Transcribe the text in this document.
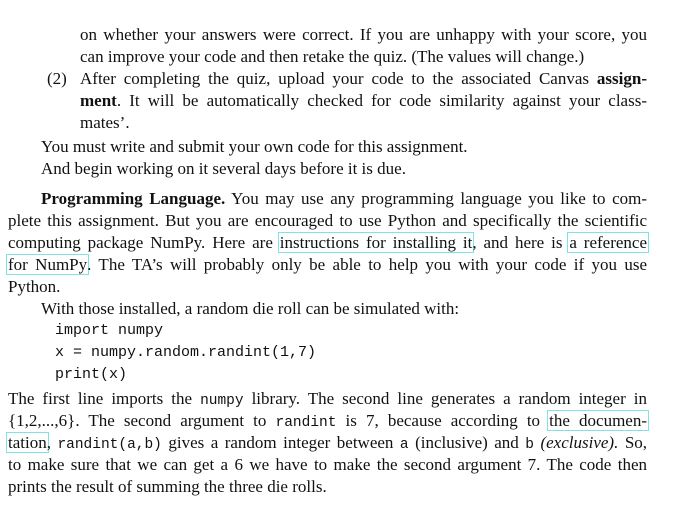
on whether your answers were correct. If you are unhappy with your score, you
can improve your code and then retake the quiz. (The values will change.)
(2) After completing the quiz, upload your code to the associated Canvas assign-
ment. It will be automatically checked for code similarity against your class-
mates’.
You must write and submit your own code for this assignment.
And begin working on it several days before it is due.
Programming Language. You may use any programming language you like to com-
plete this assignment. But you are encouraged to use Python and specifically the scientific
computing package NumPy. Here are instructions for installing it, and here is a reference
for NumPy. The TA’s will probably only be able to help you with your code if you use
Python.
With those installed, a random die roll can be simulated with:
import numpy
x = numpy.random.randint(1,7)
print(x)
The first line imports the numpy library. The second line generates a random integer in
{1,2,...,6}. The second argument to randint is 7, because according to the documen-
tation, randint(a,b) gives a random integer between a (inclusive) and b (exclusive). So,
to make sure that we can get a 6 we have to make the second argument 7. The code then
prints the result of summing the three die rolls.
